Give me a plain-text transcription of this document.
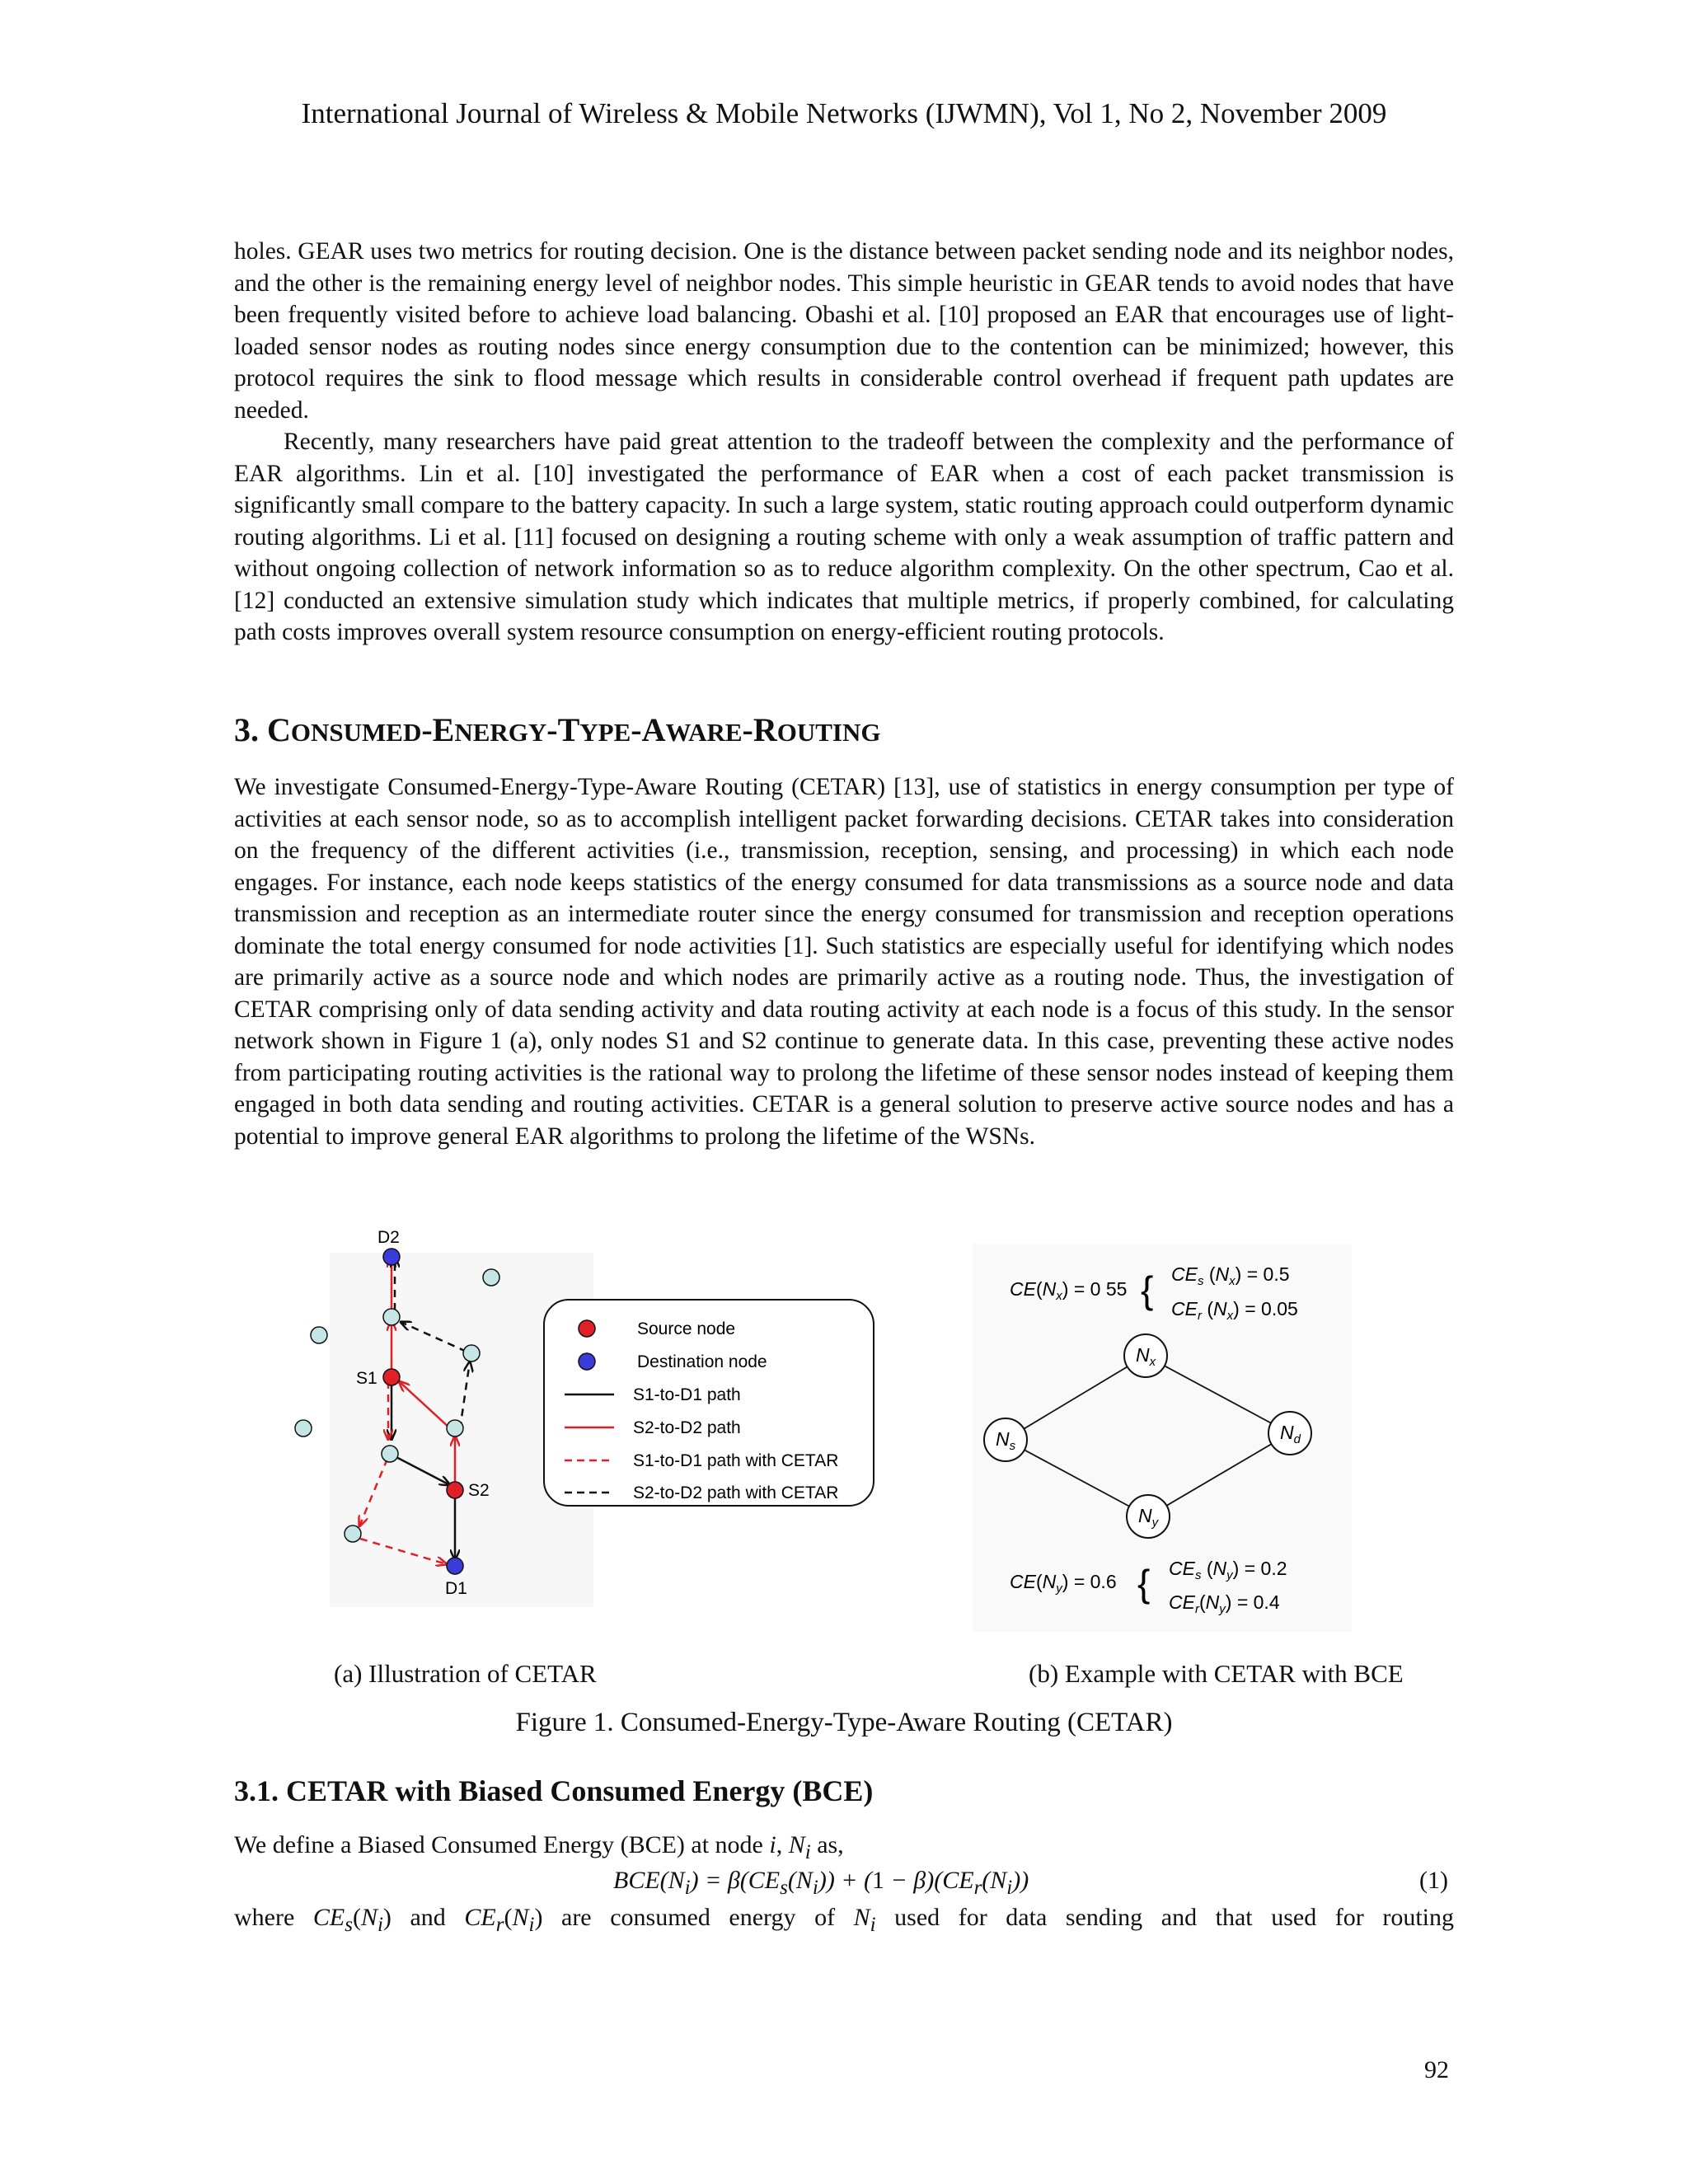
International Journal of Wireless & Mobile Networks (IJWMN), Vol 1, No 2, November 2009

holes. GEAR uses two metrics for routing decision. One is the distance between packet sending node and its neighbor nodes, and the other is the remaining energy level of neighbor nodes. This simple heuristic in GEAR tends to avoid nodes that have been frequently visited before to achieve load balancing. Obashi et al. [10] proposed an EAR that encourages use of light-loaded sensor nodes as routing nodes since energy consumption due to the contention can be minimized; however, this protocol requires the sink to flood message which results in considerable control overhead if frequent path updates are needed.

Recently, many researchers have paid great attention to the tradeoff between the complexity and the performance of EAR algorithms. Lin et al. [10] investigated the performance of EAR when a cost of each packet transmission is significantly small compare to the battery capacity. In such a large system, static routing approach could outperform dynamic routing algorithms. Li et al. [11] focused on designing a routing scheme with only a weak assumption of traffic pattern and without ongoing collection of network information so as to reduce algorithm complexity. On the other spectrum, Cao et al. [12] conducted an extensive simulation study which indicates that multiple metrics, if properly combined, for calculating path costs improves overall system resource consumption on energy-efficient routing protocols.

3. CONSUMED-ENERGY-TYPE-AWARE-ROUTING

We investigate Consumed-Energy-Type-Aware Routing (CETAR) [13], use of statistics in energy consumption per type of activities at each sensor node, so as to accomplish intelligent packet forwarding decisions. CETAR takes into consideration on the frequency of the different activities (i.e., transmission, reception, sensing, and processing) in which each node engages. For instance, each node keeps statistics of the energy consumed for data transmissions as a source node and data transmission and reception as an intermediate router since the energy consumed for transmission and reception operations dominate the total energy consumed for node activities [1]. Such statistics are especially useful for identifying which nodes are primarily active as a source node and which nodes are primarily active as a routing node. Thus, the investigation of CETAR comprising only of data sending activity and data routing activity at each node is a focus of this study. In the sensor network shown in Figure 1 (a), only nodes S1 and S2 continue to generate data. In this case, preventing these active nodes from participating routing activities is the rational way to prolong the lifetime of these sensor nodes instead of keeping them engaged in both data sending and routing activities. CETAR is a general solution to preserve active source nodes and has a potential to improve general EAR algorithms to prolong the lifetime of the WSNs.

D2
S1
S2
D1
Source node
Destination node
S1-to-D1 path
S2-to-D2 path
S1-to-D1 path with CETAR
S2-to-D2 path with CETAR
$N_x$
$N_s$
$N_d$
$N_y$
$CE(N_x) = 0$ 55 { $CE_s$ $(N_x) = 0.5$
$CE_r$ $(N_x) = 0.05$
$CE(N_y) = 0.6$ { $CE_s$ $(N_y) = 0.2$
$CE_r(N_y) = 0.4$
(a) Illustration of CETAR	(b) Example with CETAR with BCE
Figure 1. Consumed-Energy-Type-Aware Routing (CETAR)
3.1. CETAR with Biased Consumed Energy (BCE)
We define a Biased Consumed Energy (BCE) at node i, $N_i$ as,
$BCE(N_i) = \beta(CE_s(N_i)) + (1 - \beta)(CE_r(N_i))$	(1)
where $CE_s(N_i)$ and $CE_r(N_i)$ are consumed energy of $N_i$ used for data sending and that used for routing
92
